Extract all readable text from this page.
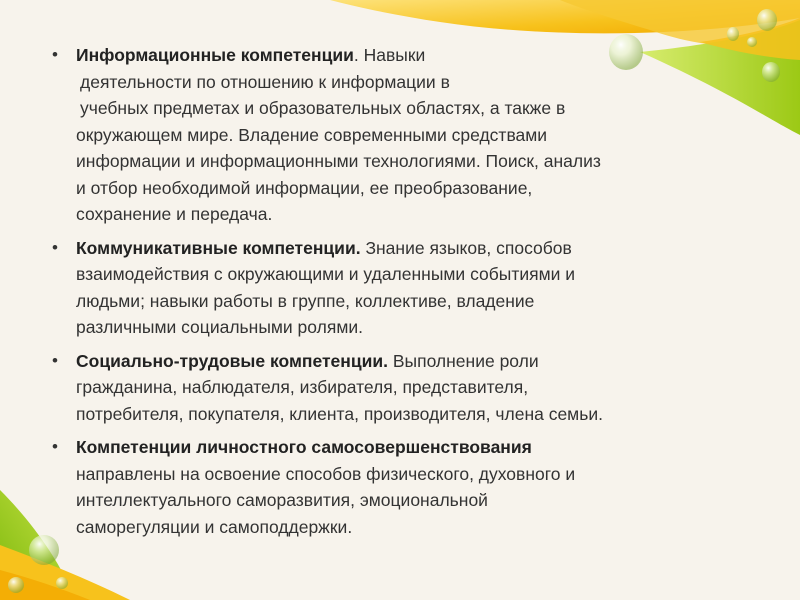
• Информационные компетенции. Навыки
деятельности по отношению к информации в
учебных предметах и образовательных областях, а также в
окружающем мире. Владение современными средствами
информации и информационными технологиями. Поиск, анализ
и отбор необходимой информации, ее преобразование,
сохранение и передача.
• Коммуникативные компетенции. Знание языков, способов
взаимодействия с окружающими и удаленными событиями и
людьми; навыки работы в группе, коллективе, владение
различными социальными ролями.
• Социально-трудовые компетенции. Выполнение роли
гражданина, наблюдателя, избирателя, представителя,
потребителя, покупателя, клиента, производителя, члена семьи.
• Компетенции личностного самосовершенствования
направлены на освоение способов физического, духовного и
интеллектуального саморазвития, эмоциональной
саморегуляции и самоподдержки.
